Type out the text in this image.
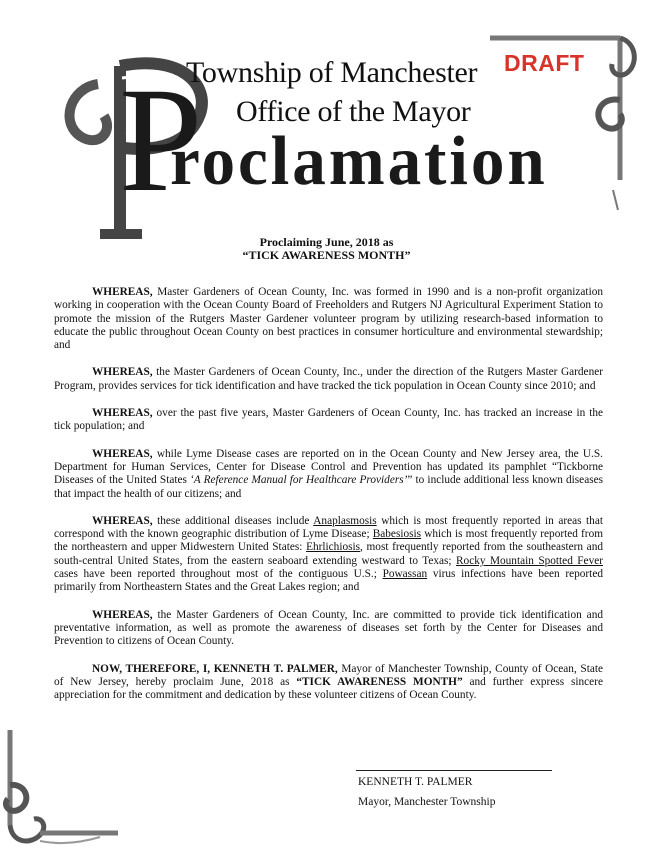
DRAFT
P
Township of Manchester
Office of the Mayor
roclamation
Proclaiming June, 2018 as
“TICK AWARENESS MONTH”

WHEREAS, Master Gardeners of Ocean County, Inc. was formed in 1990 and is a non-profit organization working in cooperation with the Ocean County Board of Freeholders and Rutgers NJ Agricultural Experiment Station to promote the mission of the Rutgers Master Gardener volunteer program by utilizing research-based information to educate the public throughout Ocean County on best practices in consumer horticulture and environmental stewardship; and

WHEREAS, the Master Gardeners of Ocean County, Inc., under the direction of the Rutgers Master Gardener Program, provides services for tick identification and have tracked the tick population in Ocean County since 2010; and

WHEREAS, over the past five years, Master Gardeners of Ocean County, Inc. has tracked an increase in the tick population; and

WHEREAS, while Lyme Disease cases are reported on in the Ocean County and New Jersey area, the U.S. Department for Human Services, Center for Disease Control and Prevention has updated its pamphlet “Tickborne Diseases of the United States ‘A Reference Manual for Healthcare Providers’” to include additional less known diseases that impact the health of our citizens; and

WHEREAS, these additional diseases include Anaplasmosis which is most frequently reported in areas that correspond with the known geographic distribution of Lyme Disease; Babesiosis which is most frequently reported from the northeastern and upper Midwestern United States: Ehrlichiosis, most frequently reported from the southeastern and south-central United States, from the eastern seaboard extending westward to Texas; Rocky Mountain Spotted Fever cases have been reported throughout most of the contiguous U.S.; Powassan virus infections have been reported primarily from Northeastern States and the Great Lakes region; and

WHEREAS, the Master Gardeners of Ocean County, Inc. are committed to provide tick identification and preventative information, as well as promote the awareness of diseases set forth by the Center for Diseases and Prevention to citizens of Ocean County.

NOW, THEREFORE, I, KENNETH T. PALMER, Mayor of Manchester Township, County of Ocean, State of New Jersey, hereby proclaim June, 2018 as “TICK AWARENESS MONTH” and further express sincere appreciation for the commitment and dedication by these volunteer citizens of Ocean County.

KENNETH T. PALMER
Mayor, Manchester Township
